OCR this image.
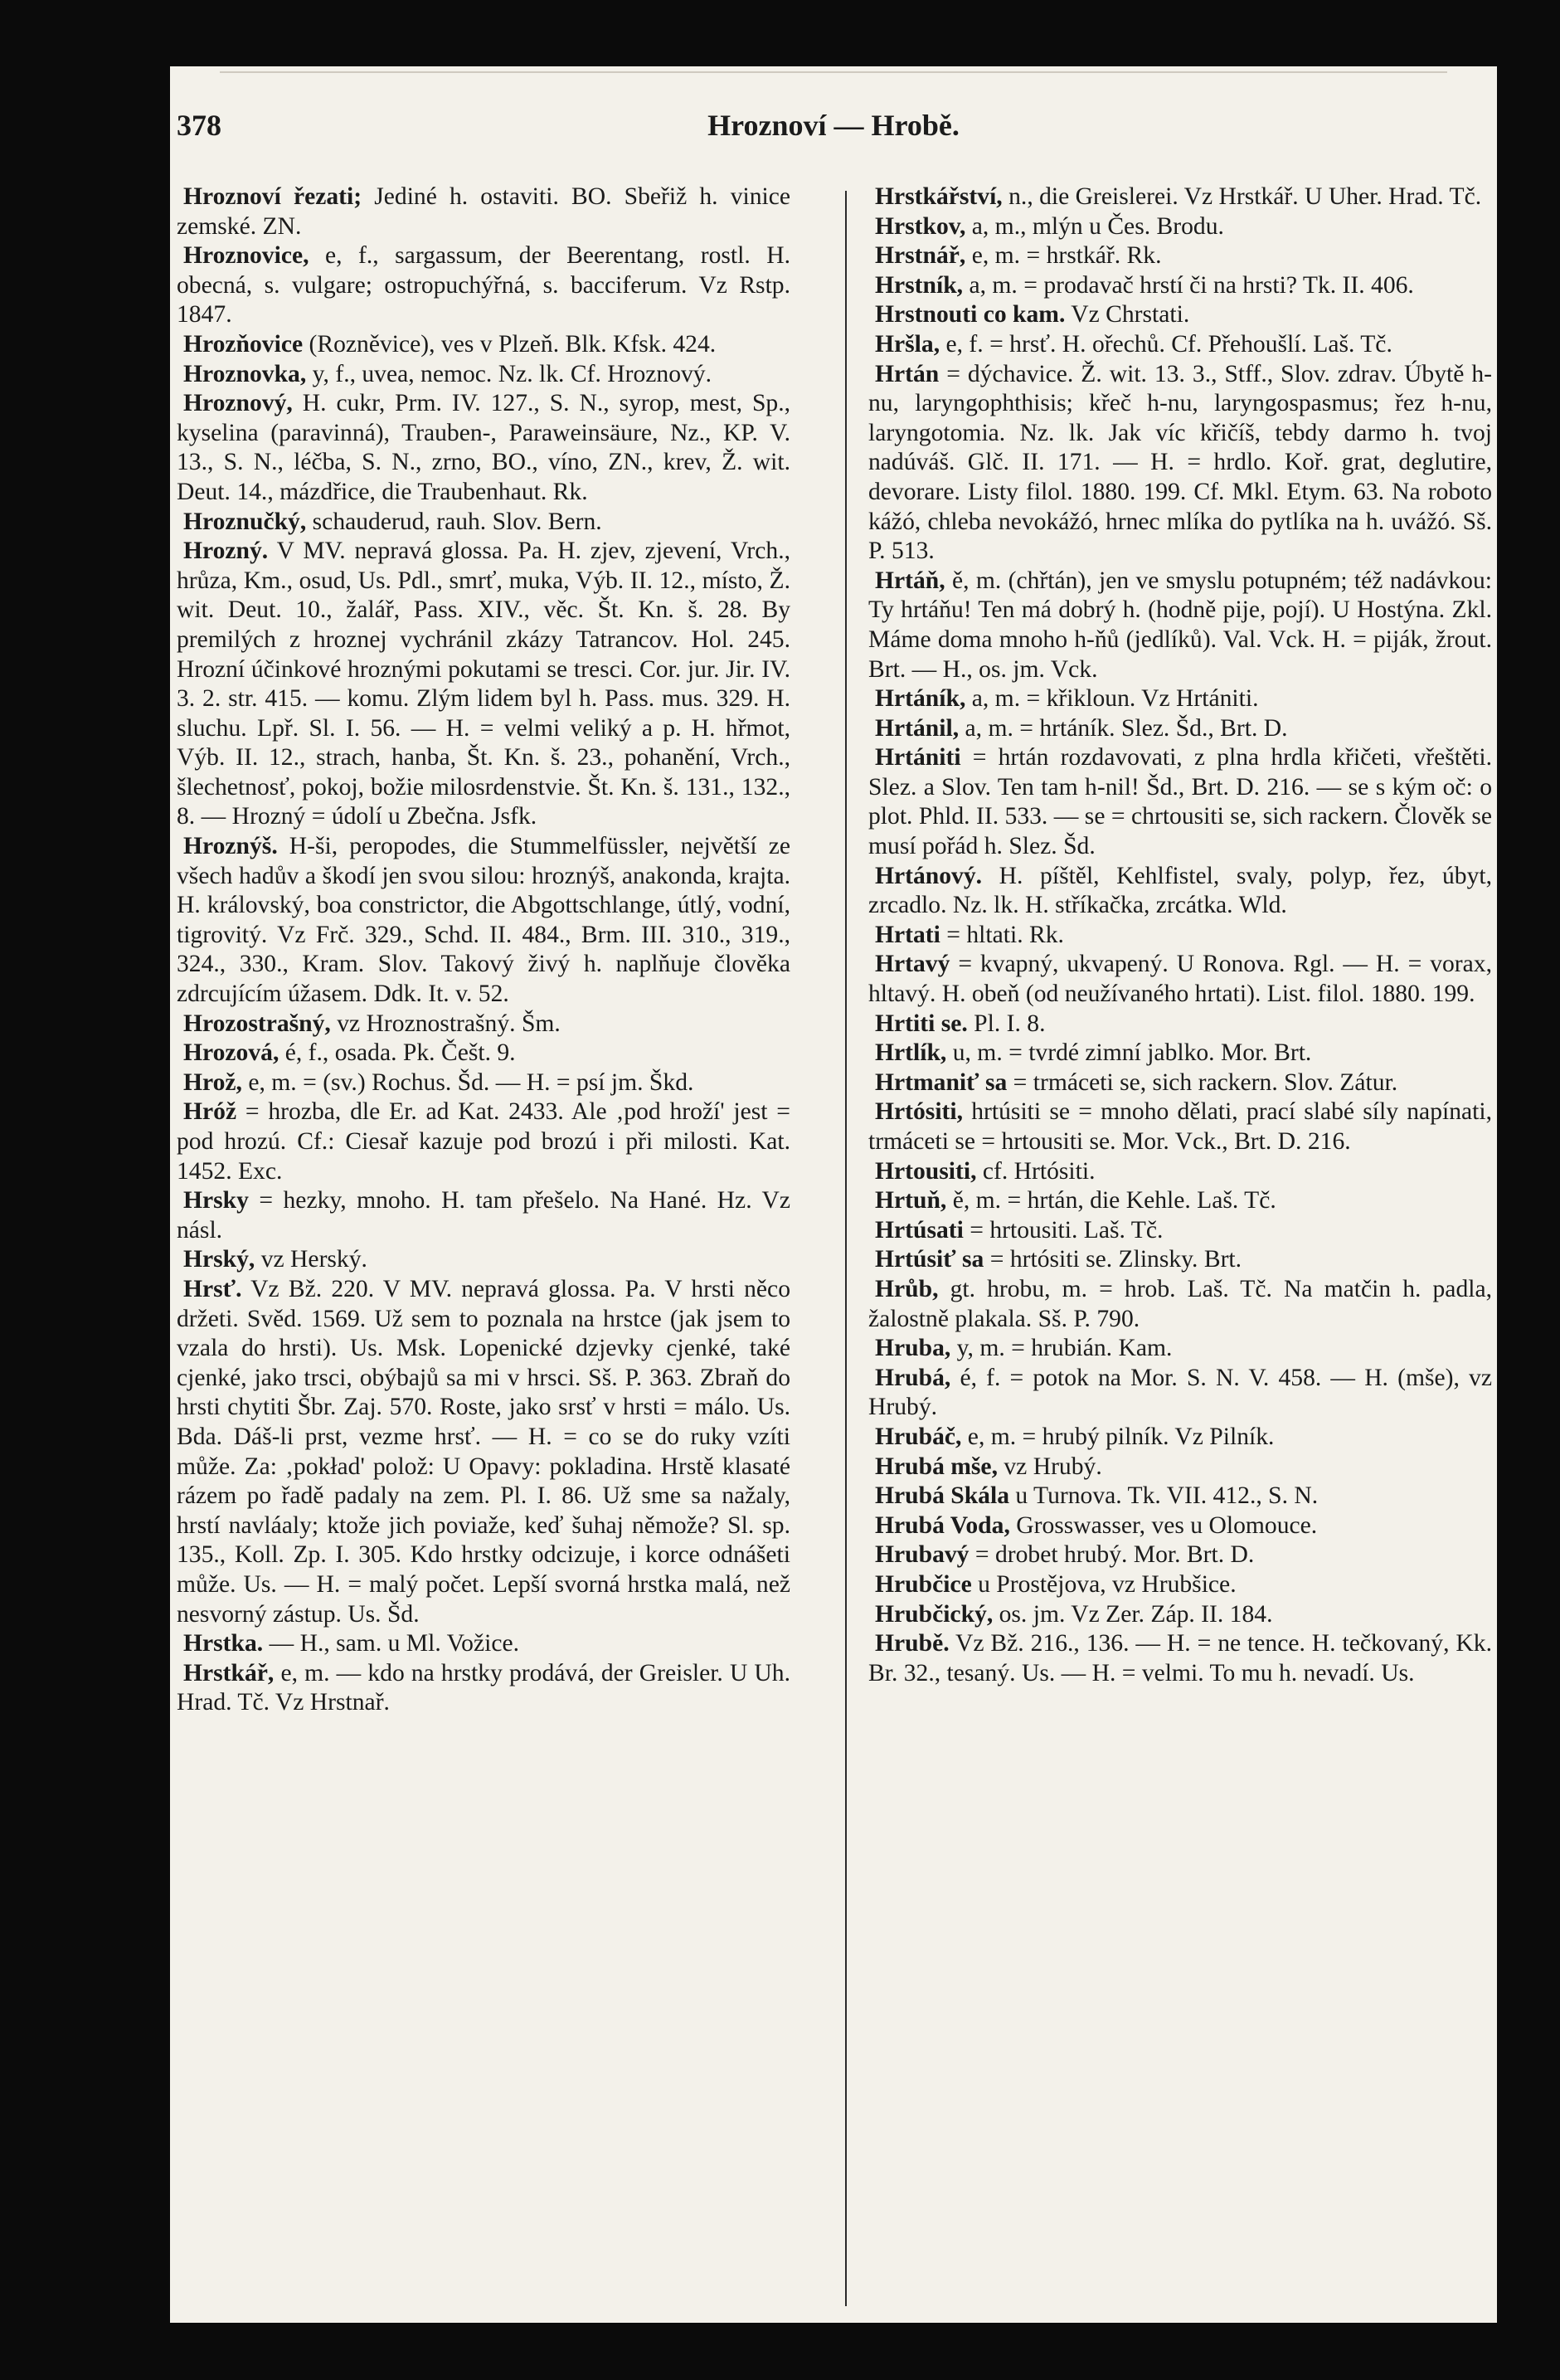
378	Hroznoví — Hrobě.

Hroznoví řezati; Jediné h. ostaviti. BO. Sbeřiž h. vinice zemské. ZN.

Hroznovice, e, f., sargassum, der Beerentang, rostl. H. obecná, s. vulgare; ostropuchýřná, s. bacciferum. Vz Rstp. 1847.

Hrozňovice (Rozněvice), ves v Plzeň. Blk. Kfsk. 424.

Hroznovka, y, f., uvea, nemoc. Nz. lk. Cf. Hroznový.

Hroznový, H. cukr, Prm. IV. 127., S. N., syrop, mest, Sp., kyselina (paravinná), Trauben-, Paraweinsäure, Nz., KP. V. 13., S. N., léčba, S. N., zrno, BO., víno, ZN., krev, Ž. wit. Deut. 14., mázdřice, die Traubenhaut. Rk.

Hroznučký, schauderud, rauh. Slov. Bern.

Hrozný. V MV. nepravá glossa. Pa. H. zjev, zjevení, Vrch., hrůza, Km., osud, Us. Pdl., smrť, muka, Výb. II. 12., místo, Ž. wit. Deut. 10., žalář, Pass. XIV., věc. Št. Kn. š. 28. By premilých z hroznej vychránil zkázy Tatrancov. Hol. 245. Hrozní účinkové hroznými pokutami se tresci. Cor. jur. Jir. IV. 3. 2. str. 415. — komu. Zlým lidem byl h. Pass. mus. 329. H. sluchu. Lpř. Sl. I. 56. — H. = velmi veliký a p. H. hřmot, Výb. II. 12., strach, hanba, Št. Kn. š. 23., pohanění, Vrch., šlechetnosť, pokoj, božie milosrdenstvie. Št. Kn. š. 131., 132., 8. — Hrozný = údolí u Zbečna. Jsfk.

Hroznýš. H-ši, peropodes, die Stummelfüssler, největší ze všech hadův a škodí jen svou silou: hroznýš, anakonda, krajta. H. královský, boa constrictor, die Abgottschlange, útlý, vodní, tigrovitý. Vz Frč. 329., Schd. II. 484., Brm. III. 310., 319., 324., 330., Kram. Slov. Takový živý h. naplňuje člověka zdrcujícím úžasem. Ddk. It. v. 52.

Hrozostrašný, vz Hroznostrašný. Šm.

Hrozová, é, f., osada. Pk. Češt. 9.

Hrož, e, m. = (sv.) Rochus. Šd. — H. = psí jm. Škd.

Hróž = hrozba, dle Er. ad Kat. 2433. Ale ‚pod hroží' jest = pod hrozú. Cf.: Ciesař kazuje pod brozú i při milosti. Kat. 1452. Exc.

Hrsky = hezky, mnoho. H. tam přešelo. Na Hané. Hz. Vz násl.

Hrský, vz Herský.

Hrsť. Vz Bž. 220. V MV. nepravá glossa. Pa. V hrsti něco držeti. Svěd. 1569. Už sem to poznala na hrstce (jak jsem to vzala do hrsti). Us. Msk. Lopenické dzjevky cjenké, také cjenké, jako trsci, obýbajů sa mi v hrsci. Sš. P. 363. Zbraň do hrsti chytiti Šbr. Zaj. 570. Roste, jako srsť v hrsti = málo. Us. Bda. Dáš-li prst, vezme hrsť. — H. = co se do ruky vzíti může. Za: ‚pokład' polož: U Opavy: pokladina. Hrstě klasaté rázem po řadě padaly na zem. Pl. I. 86. Už sme sa nažaly, hrstí navláaly; ktože jich poviaže, keď šuhaj němože? Sl. sp. 135., Koll. Zp. I. 305. Kdo hrstky odcizuje, i korce odnášeti může. Us. — H. = malý počet. Lepší svorná hrstka malá, než nesvorný zástup. Us. Šd.

Hrstka. — H., sam. u Ml. Vožice.

Hrstkář, e, m. — kdo na hrstky prodává, der Greisler. U Uh. Hrad. Tč. Vz Hrstnař.

Hrstkářství, n., die Greislerei. Vz Hrstkář. U Uher. Hrad. Tč.

Hrstkov, a, m., mlýn u Čes. Brodu.

Hrstnář, e, m. = hrstkář. Rk.

Hrstník, a, m. = prodavač hrstí či na hrsti? Tk. II. 406.

Hrstnouti co kam. Vz Chrstati.

Hršla, e, f. = hrsť. H. ořechů. Cf. Přehoušlí. Laš. Tč.

Hrtán = dýchavice. Ž. wit. 13. 3., Stff., Slov. zdrav. Úbytě h-nu, laryngophthisis; křeč h-nu, laryngospasmus; řez h-nu, laryngotomia. Nz. lk. Jak víc křičíš, tebdy darmo h. tvoj nadúváš. Glč. II. 171. — H. = hrdlo. Koř. grat, deglutire, devorare. Listy filol. 1880. 199. Cf. Mkl. Etym. 63. Na roboto kážó, chleba nevokážó, hrnec mlíka do pytlíka na h. uvážó. Sš. P. 513.

Hrtáň, ě, m. (chřtán), jen ve smyslu potupném; též nadávkou: Ty hrtáňu! Ten má dobrý h. (hodně pije, pojí). U Hostýna. Zkl. Máme doma mnoho h-ňů (jedlíků). Val. Vck. H. = piják, žrout. Brt. — H., os. jm. Vck.

Hrtáník, a, m. = křikloun. Vz Hrtániti.

Hrtánil, a, m. = hrtáník. Slez. Šd., Brt. D.

Hrtániti = hrtán rozdavovati, z plna hrdla křičeti, vřeštěti. Slez. a Slov. Ten tam h-nil! Šd., Brt. D. 216. — se s kým oč: o plot. Phld. II. 533. — se = chrtousiti se, sich rackern. Člověk se musí pořád h. Slez. Šd.

Hrtánový. H. píštěl, Kehlfistel, svaly, polyp, řez, úbyt, zrcadlo. Nz. lk. H. stříkačka, zrcátka. Wld.

Hrtati = hltati. Rk.

Hrtavý = kvapný, ukvapený. U Ronova. Rgl. — H. = vorax, hltavý. H. obeň (od neužívaného hrtati). List. filol. 1880. 199.

Hrtiti se. Pl. I. 8.

Hrtlík, u, m. = tvrdé zimní jablko. Mor. Brt.

Hrtmaniť sa = trmáceti se, sich rackern. Slov. Zátur.

Hrtósiti, hrtúsiti se = mnoho dělati, prací slabé síly napínati, trmáceti se = hrtousiti se. Mor. Vck., Brt. D. 216.

Hrtousiti, cf. Hrtósiti.

Hrtuň, ě, m. = hrtán, die Kehle. Laš. Tč.

Hrtúsati = hrtousiti. Laš. Tč.

Hrtúsiť sa = hrtósiti se. Zlinsky. Brt.

Hrůb, gt. hrobu, m. = hrob. Laš. Tč. Na matčin h. padla, žalostně plakala. Sš. P. 790.

Hruba, y, m. = hrubián. Kam.

Hrubá, é, f. = potok na Mor. S. N. V. 458. — H. (mše), vz Hrubý.

Hrubáč, e, m. = hrubý pilník. Vz Pilník.

Hrubá mše, vz Hrubý.

Hrubá Skála u Turnova. Tk. VII. 412., S. N.

Hrubá Voda, Grosswasser, ves u Olomouce.

Hrubavý = drobet hrubý. Mor. Brt. D.

Hrubčice u Prostějova, vz Hrubšice.

Hrubčický, os. jm. Vz Zer. Záp. II. 184.

Hrubě. Vz Bž. 216., 136. — H. = ne tence. H. tečkovaný, Kk. Br. 32., tesaný. Us. — H. = velmi. To mu h. nevadí. Us.
